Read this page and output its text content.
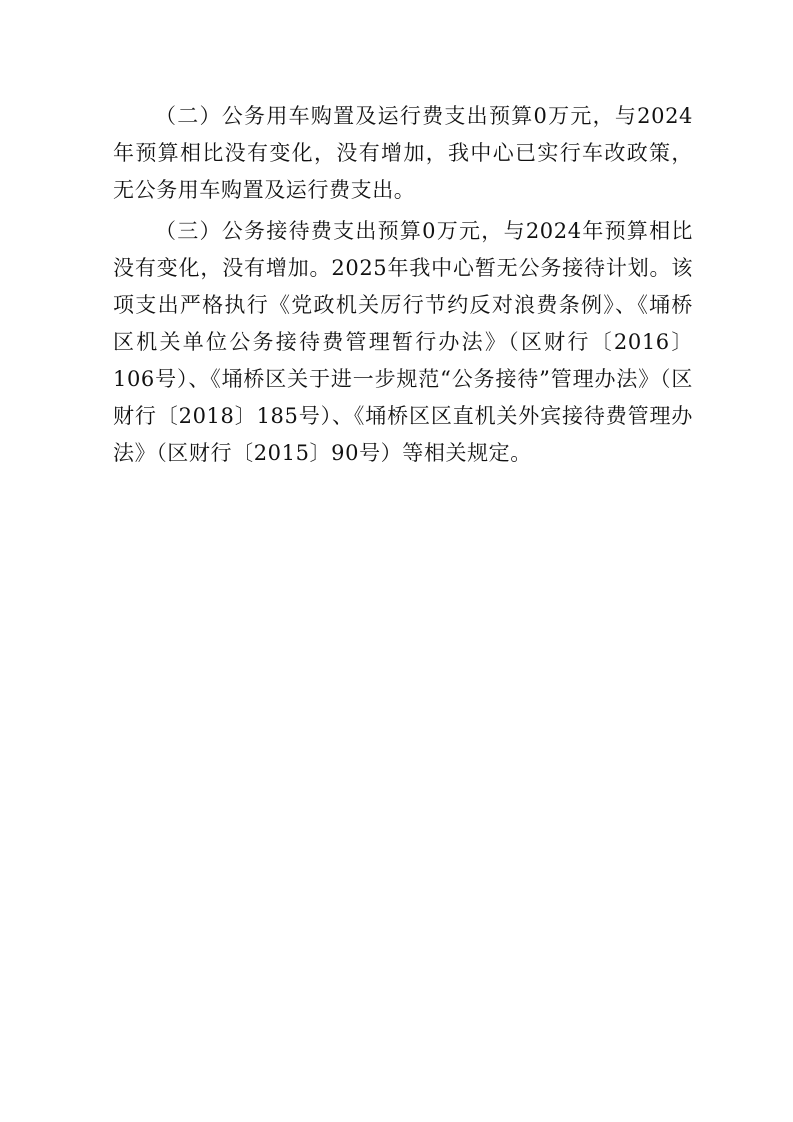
（二）公务用车购置及运行费支出预算0万元，与2024年预算相比没有变化，没有增加，我中心已实行车改政策，无公务用车购置及运行费支出。

（三）公务接待费支出预算0万元，与2024年预算相比没有变化，没有增加。2025年我中心暂无公务接待计划。该项支出严格执行《党政机关厉行节约反对浪费条例》、《埇桥区机关单位公务接待费管理暂行办法》（区财行〔2016〕106号）、《埇桥区关于进一步规范“公务接待”管理办法》（区财行〔2018〕185号）、《埇桥区区直机关外宾接待费管理办法》（区财行〔2015〕90号）等相关规定。
